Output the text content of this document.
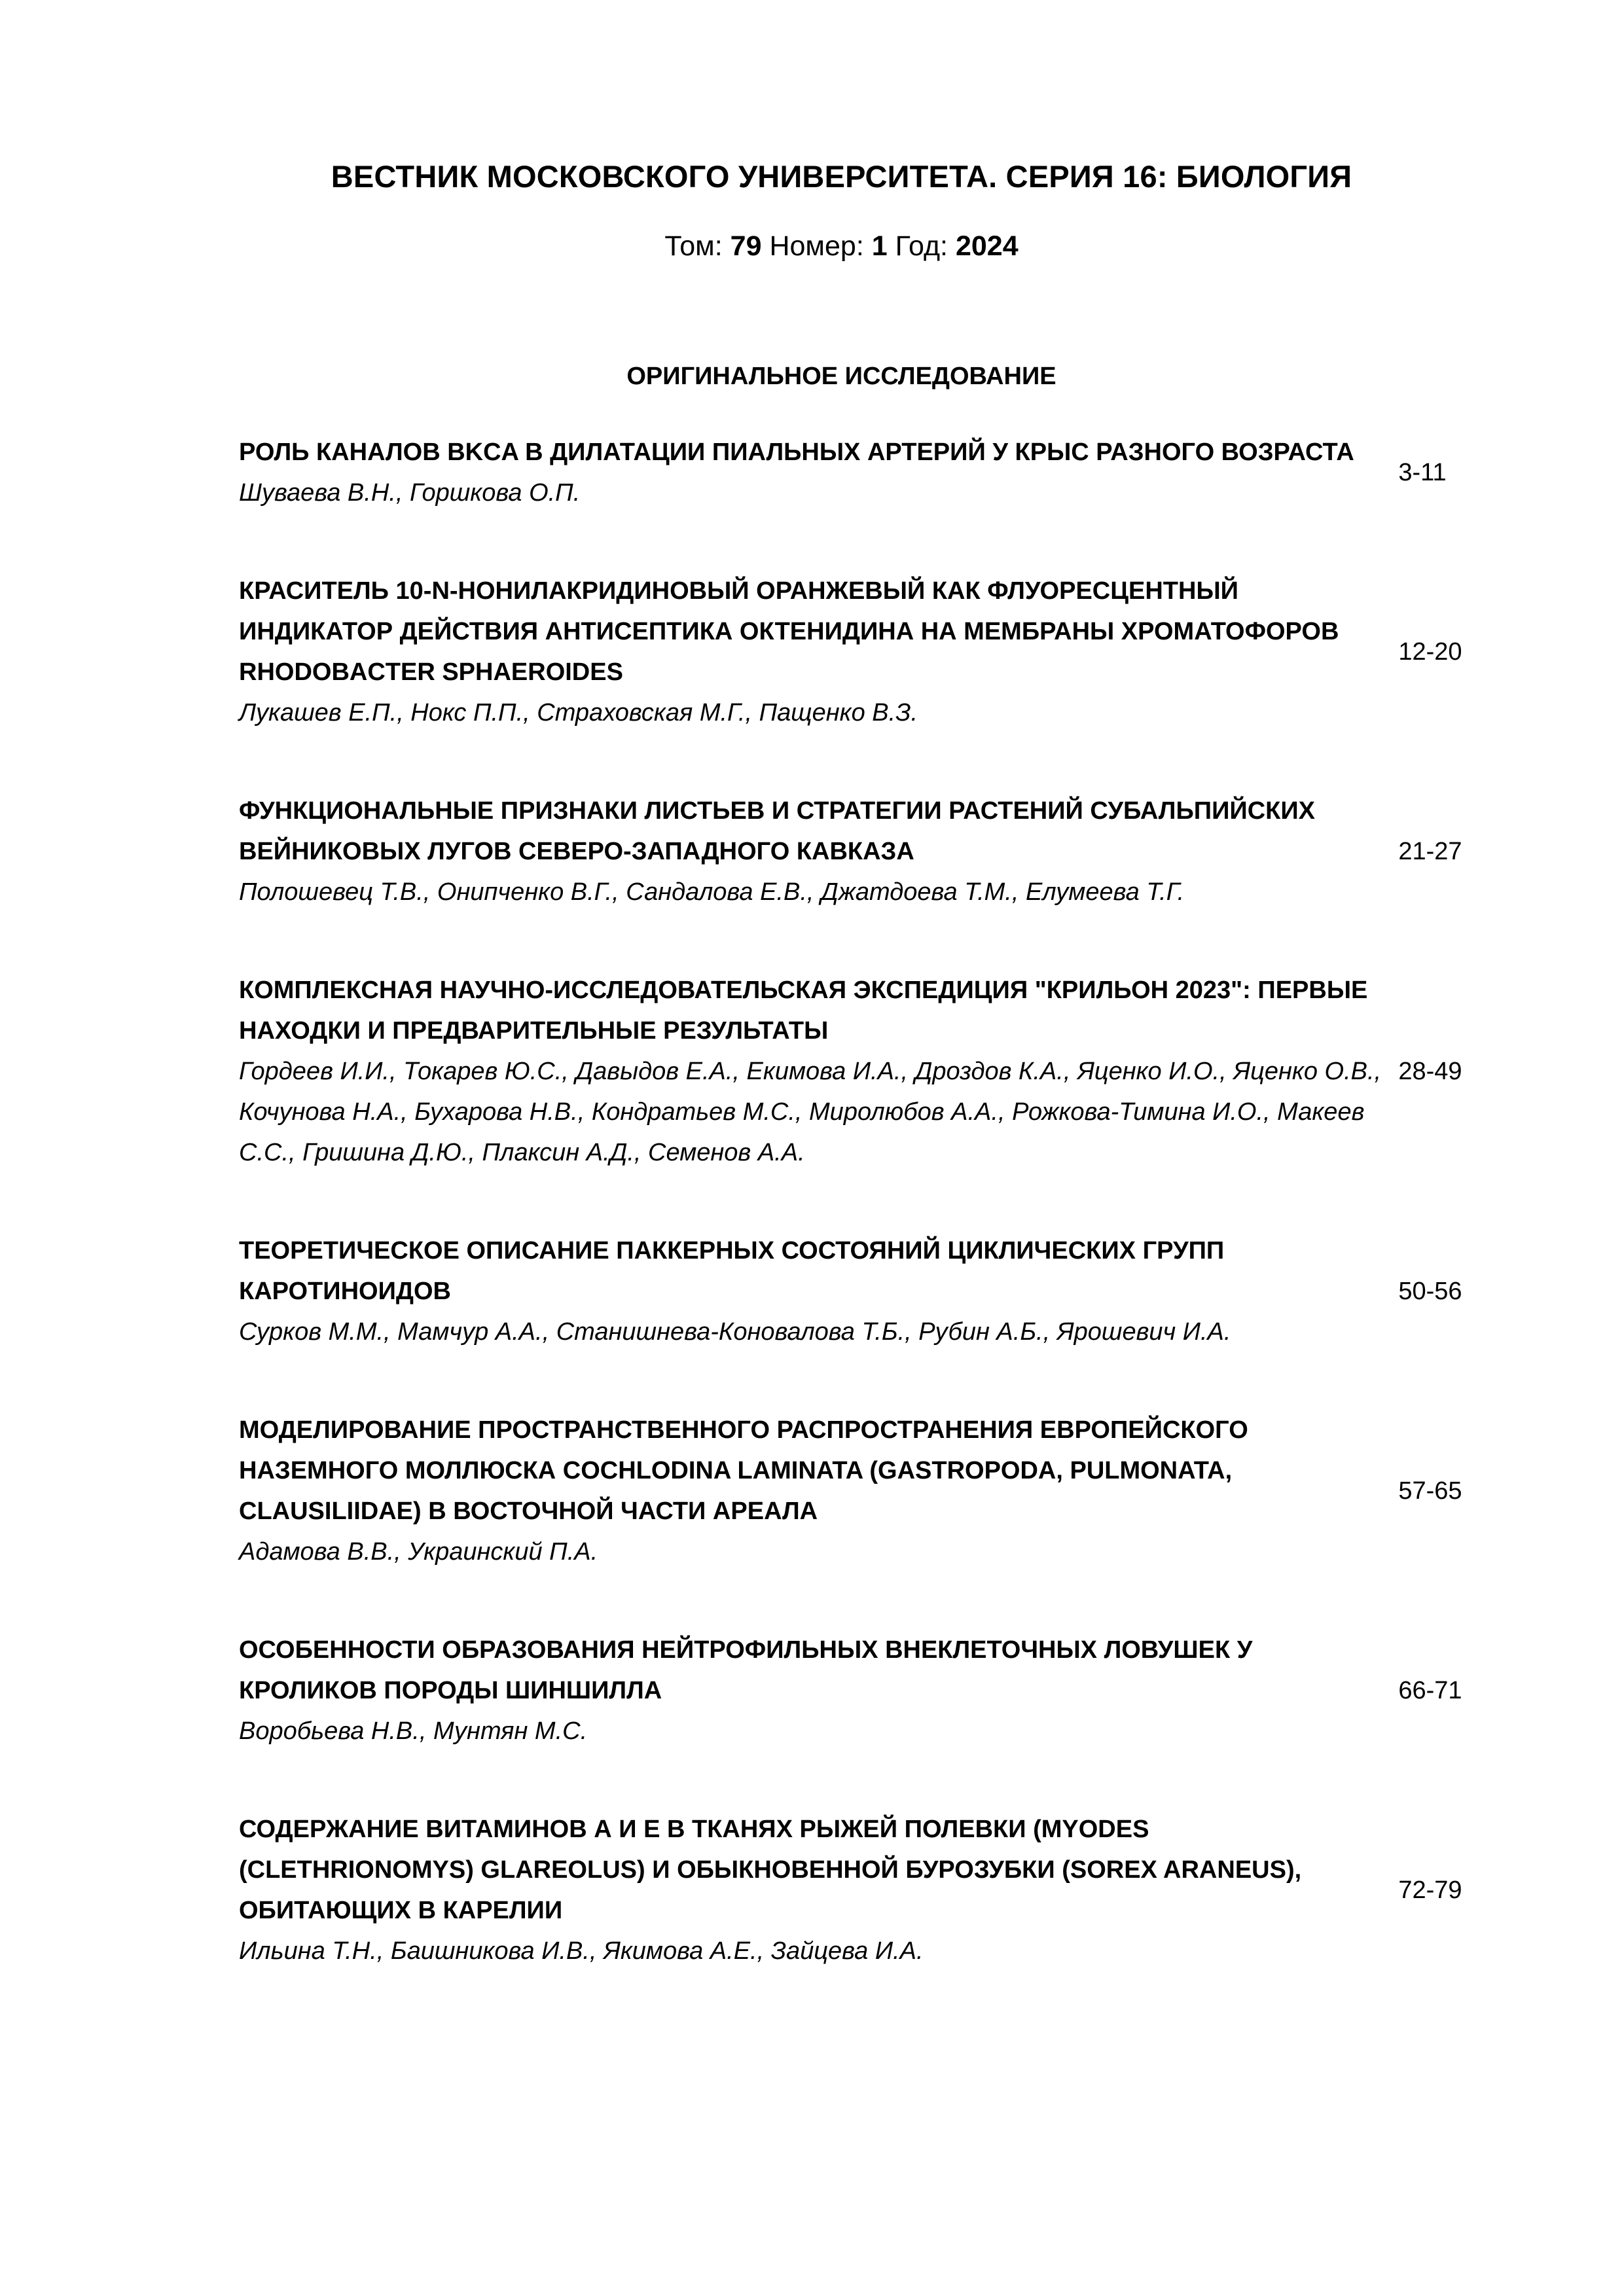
ВЕСТНИК МОСКОВСКОГО УНИВЕРСИТЕТА. СЕРИЯ 16: БИОЛОГИЯ
Том: 79 Номер: 1 Год: 2024
ОРИГИНАЛЬНОЕ ИССЛЕДОВАНИЕ

РОЛЬ КАНАЛОВ BKCA В ДИЛАТАЦИИ ПИАЛЬНЫХ АРТЕРИЙ У КРЫС РАЗНОГО ВОЗРАСТА

Шуваева В.Н., Горшкова О.П.

3-11

КРАСИТЕЛЬ 10-N-НОНИЛАКРИДИНОВЫЙ ОРАНЖЕВЫЙ КАК ФЛУОРЕСЦЕНТНЫЙ ИНДИКАТОР ДЕЙСТВИЯ АНТИСЕПТИКА ОКТЕНИДИНА НА МЕМБРАНЫ ХРОМАТОФОРОВ RHODOBACTER SPHAEROIDES

Лукашев Е.П., Нокс П.П., Страховская М.Г., Пащенко В.З.

12-20

ФУНКЦИОНАЛЬНЫЕ ПРИЗНАКИ ЛИСТЬЕВ И СТРАТЕГИИ РАСТЕНИЙ СУБАЛЬПИЙСКИХ ВЕЙНИКОВЫХ ЛУГОВ СЕВЕРО-ЗАПАДНОГО КАВКАЗА

Полошевец Т.В., Онипченко В.Г., Сандалова Е.В., Джатдоева Т.М., Елумеева Т.Г.

21-27

КОМПЛЕКСНАЯ НАУЧНО-ИССЛЕДОВАТЕЛЬСКАЯ ЭКСПЕДИЦИЯ "КРИЛЬОН 2023": ПЕРВЫЕ НАХОДКИ И ПРЕДВАРИТЕЛЬНЫЕ РЕЗУЛЬТАТЫ

Гордеев И.И., Токарев Ю.С., Давыдов Е.А., Екимова И.А., Дроздов К.А., Яценко И.О., Яценко О.В., Кочунова Н.А., Бухарова Н.В., Кондратьев М.С., Миролюбов А.А., Рожкова-Тимина И.О., Макеев С.С., Гришина Д.Ю., Плаксин А.Д., Семенов А.А.

28-49

ТЕОРЕТИЧЕСКОЕ ОПИСАНИЕ ПАККЕРНЫХ СОСТОЯНИЙ ЦИКЛИЧЕСКИХ ГРУПП КАРОТИНОИДОВ

Сурков М.М., Мамчур А.А., Станишнева-Коновалова Т.Б., Рубин А.Б., Ярошевич И.А.

50-56

МОДЕЛИРОВАНИЕ ПРОСТРАНСТВЕННОГО РАСПРОСТРАНЕНИЯ ЕВРОПЕЙСКОГО НАЗЕМНОГО МОЛЛЮСКА COCHLODINA LAMINATA (GASTROPODA, PULMONATA, CLAUSILIIDAE) В ВОСТОЧНОЙ ЧАСТИ АРЕАЛА

Адамова В.В., Украинский П.А.

57-65

ОСОБЕННОСТИ ОБРАЗОВАНИЯ НЕЙТРОФИЛЬНЫХ ВНЕКЛЕТОЧНЫХ ЛОВУШЕК У КРОЛИКОВ ПОРОДЫ ШИНШИЛЛА

Воробьева Н.В., Мунтян М.С.

66-71

СОДЕРЖАНИЕ ВИТАМИНОВ А И Е В ТКАНЯХ РЫЖЕЙ ПОЛЕВКИ (MYODES (CLETHRIONOMYS) GLAREOLUS) И ОБЫКНОВЕННОЙ БУРОЗУБКИ (SOREX ARANEUS), ОБИТАЮЩИХ В КАРЕЛИИ

Ильина Т.Н., Баишникова И.В., Якимова А.Е., Зайцева И.А.

72-79
